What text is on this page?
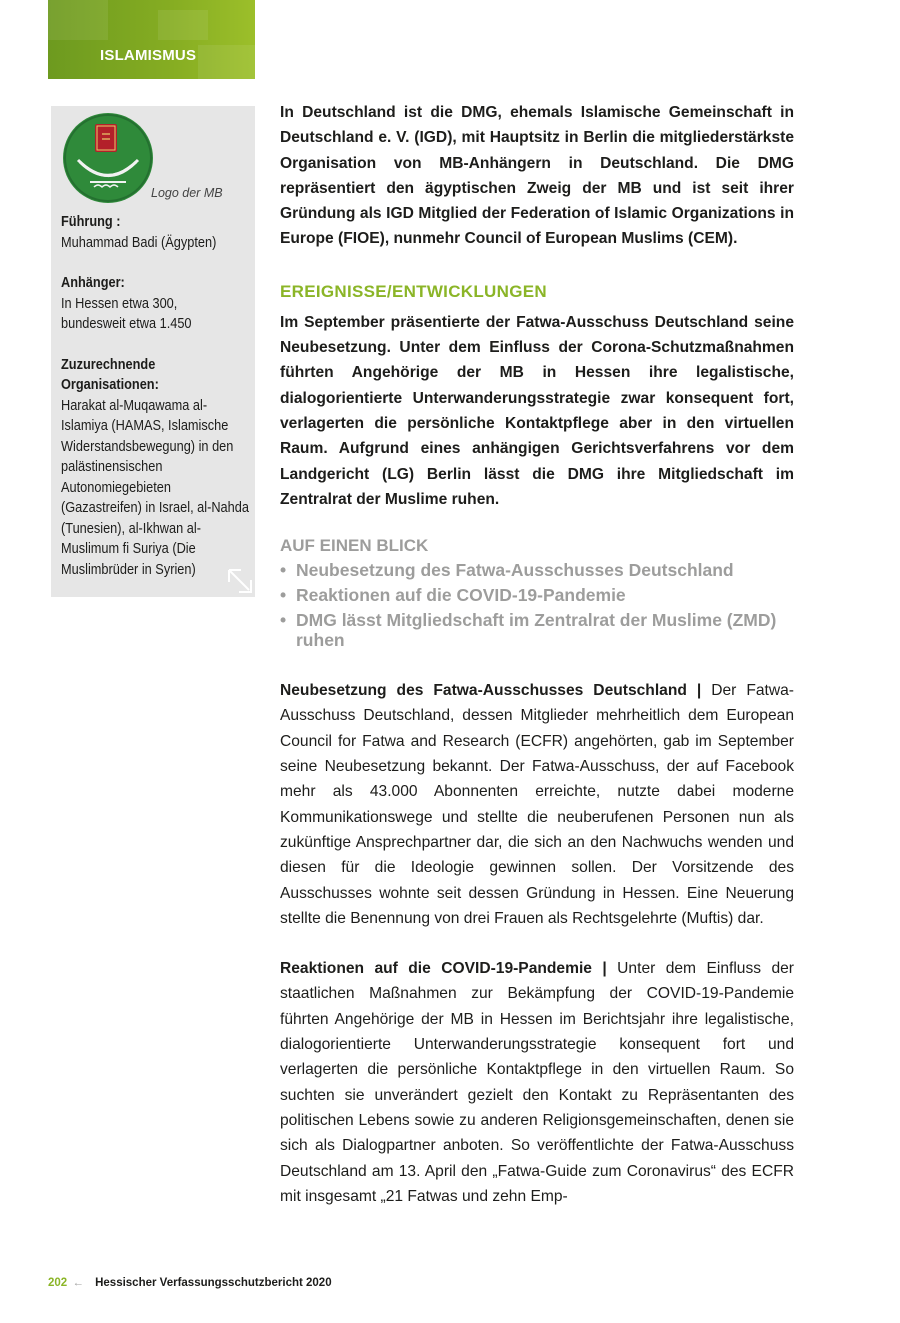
ISLAMISMUS
Logo der MB
Führung :
Muhammad Badi (Ägypten)
Anhänger:
In Hessen etwa 300,
bundesweit etwa 1.450
Zuzurechnende Organisationen:
Harakat al-Muqawama al-Islamiya (HAMAS, Islamische Widerstandsbewegung) in den palästinensischen Autonomiegebieten (Gazastreifen) in Israel, al-Nahda (Tunesien), al-Ikhwan al-Muslimum fi Suriya (Die Muslimbrüder in Syrien)

In Deutschland ist die DMG, ehemals Islamische Gemeinschaft in Deutschland e. V. (IGD), mit Hauptsitz in Berlin die mitgliederstärkste Organisation von MB-Anhängern in Deutschland. Die DMG repräsentiert den ägyptischen Zweig der MB und ist seit ihrer Gründung als IGD Mitglied der Federation of Islamic Organizations in Europe (FIOE), nunmehr Council of European Muslims (CEM).

EREIGNISSE/ENTWICKLUNGEN

Im September präsentierte der Fatwa-Ausschuss Deutschland seine Neubesetzung. Unter dem Einfluss der Corona-Schutzmaßnahmen führten Angehörige der MB in Hessen ihre legalistische, dialogorientierte Unterwanderungsstrategie zwar konsequent fort, verlagerten die persönliche Kontaktpflege aber in den virtuellen Raum. Aufgrund eines anhängigen Gerichtsverfahrens vor dem Landgericht (LG) Berlin lässt die DMG ihre Mitgliedschaft im Zentralrat der Muslime ruhen.

AUF EINEN BLICK
• Neubesetzung des Fatwa-Ausschusses Deutschland
• Reaktionen auf die COVID-19-Pandemie
• DMG lässt Mitgliedschaft im Zentralrat der Muslime (ZMD) ruhen

Neubesetzung des Fatwa-Ausschusses Deutschland | Der Fatwa-Ausschuss Deutschland, dessen Mitglieder mehrheitlich dem European Council for Fatwa and Research (ECFR) angehörten, gab im September seine Neubesetzung bekannt. Der Fatwa-Ausschuss, der auf Facebook mehr als 43.000 Abonnenten erreichte, nutzte dabei moderne Kommunikationswege und stellte die neuberufenen Personen nun als zukünftige Ansprechpartner dar, die sich an den Nachwuchs wenden und diesen für die Ideologie gewinnen sollen. Der Vorsitzende des Ausschusses wohnte seit dessen Gründung in Hessen. Eine Neuerung stellte die Benennung von drei Frauen als Rechtsgelehrte (Muftis) dar.

Reaktionen auf die COVID-19-Pandemie | Unter dem Einfluss der staatlichen Maßnahmen zur Bekämpfung der COVID-19-Pandemie führten Angehörige der MB in Hessen im Berichtsjahr ihre legalistische, dialogorientierte Unterwanderungsstrategie konsequent fort und verlagerten die persönliche Kontaktpflege in den virtuellen Raum. So suchten sie unverändert gezielt den Kontakt zu Repräsentanten des politischen Lebens sowie zu anderen Religionsgemeinschaften, denen sie sich als Dialogpartner anboten. So veröffentlichte der Fatwa-Ausschuss Deutschland am 13. April den „Fatwa-Guide zum Coronavirus“ des ECFR mit insgesamt „21 Fatwas und zehn Emp-

202 ← Hessischer Verfassungsschutzbericht 2020
